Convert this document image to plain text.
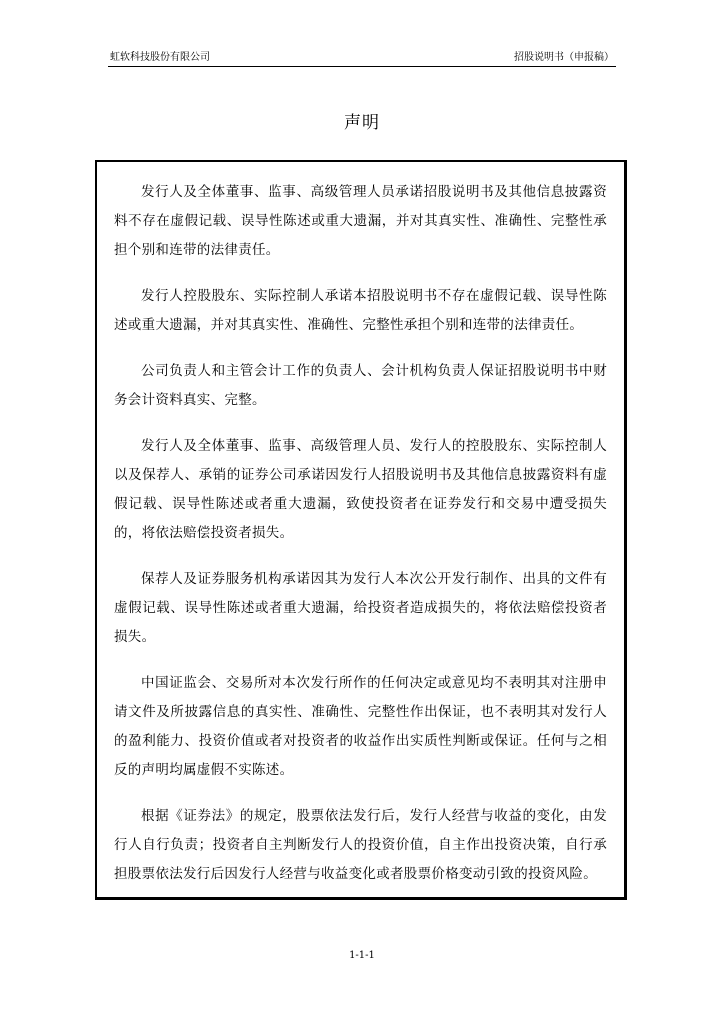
虹软科技股份有限公司	招股说明书（申报稿）
声明

发行人及全体董事、监事、高级管理人员承诺招股说明书及其他信息披露资料不存在虚假记载、误导性陈述或重大遗漏，并对其真实性、准确性、完整性承担个别和连带的法律责任。

发行人控股股东、实际控制人承诺本招股说明书不存在虚假记载、误导性陈述或重大遗漏，并对其真实性、准确性、完整性承担个别和连带的法律责任。

公司负责人和主管会计工作的负责人、会计机构负责人保证招股说明书中财务会计资料真实、完整。

发行人及全体董事、监事、高级管理人员、发行人的控股股东、实际控制人以及保荐人、承销的证券公司承诺因发行人招股说明书及其他信息披露资料有虚假记载、误导性陈述或者重大遗漏，致使投资者在证券发行和交易中遭受损失的，将依法赔偿投资者损失。

保荐人及证券服务机构承诺因其为发行人本次公开发行制作、出具的文件有虚假记载、误导性陈述或者重大遗漏，给投资者造成损失的，将依法赔偿投资者损失。

中国证监会、交易所对本次发行所作的任何决定或意见均不表明其对注册申请文件及所披露信息的真实性、准确性、完整性作出保证，也不表明其对发行人的盈利能力、投资价值或者对投资者的收益作出实质性判断或保证。任何与之相反的声明均属虚假不实陈述。

根据《证券法》的规定，股票依法发行后，发行人经营与收益的变化，由发行人自行负责；投资者自主判断发行人的投资价值，自主作出投资决策，自行承担股票依法发行后因发行人经营与收益变化或者股票价格变动引致的投资风险。

1-1-1
